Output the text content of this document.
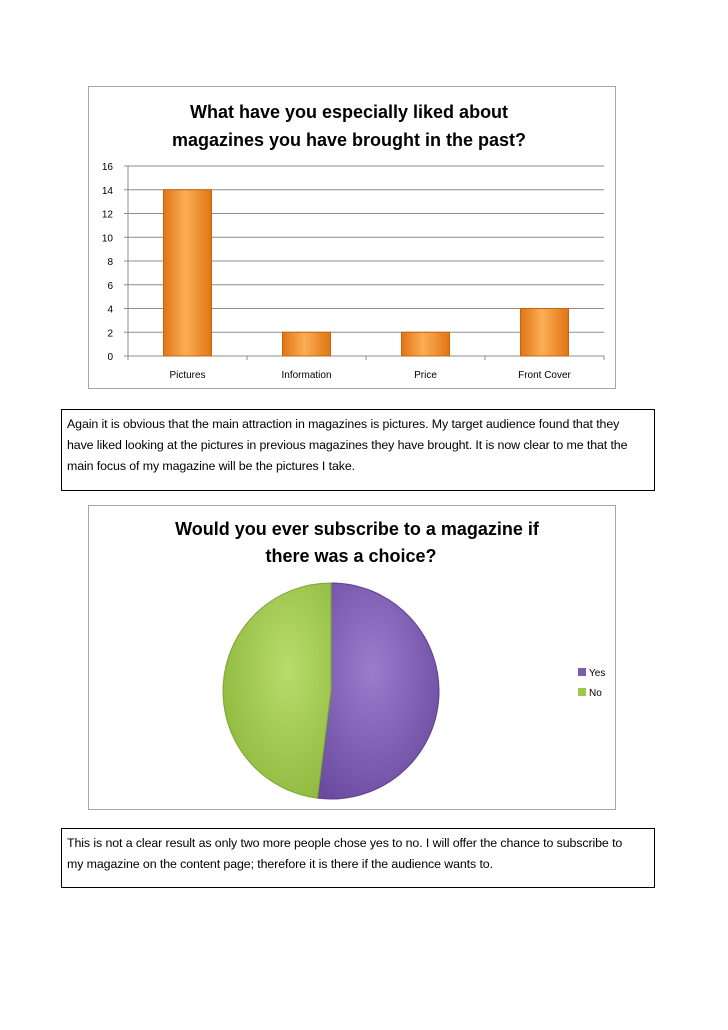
What have you especially liked about
magazines you have brought in the past?
0
2
4
6
8
10
12
14
16
Pictures	Information	Price	Front Cover
Again it is obvious that the main attraction in magazines is pictures. My target audience found that they
have liked looking at the pictures in previous magazines they have brought. It is now clear to me that the
main focus of my magazine will be the pictures I take.
Would you ever subscribe to a magazine if
there was a choice?
Yes
No
This is not a clear result as only two more people chose yes to no. I will offer the chance to subscribe to
my magazine on the content page; therefore it is there if the audience wants to.
